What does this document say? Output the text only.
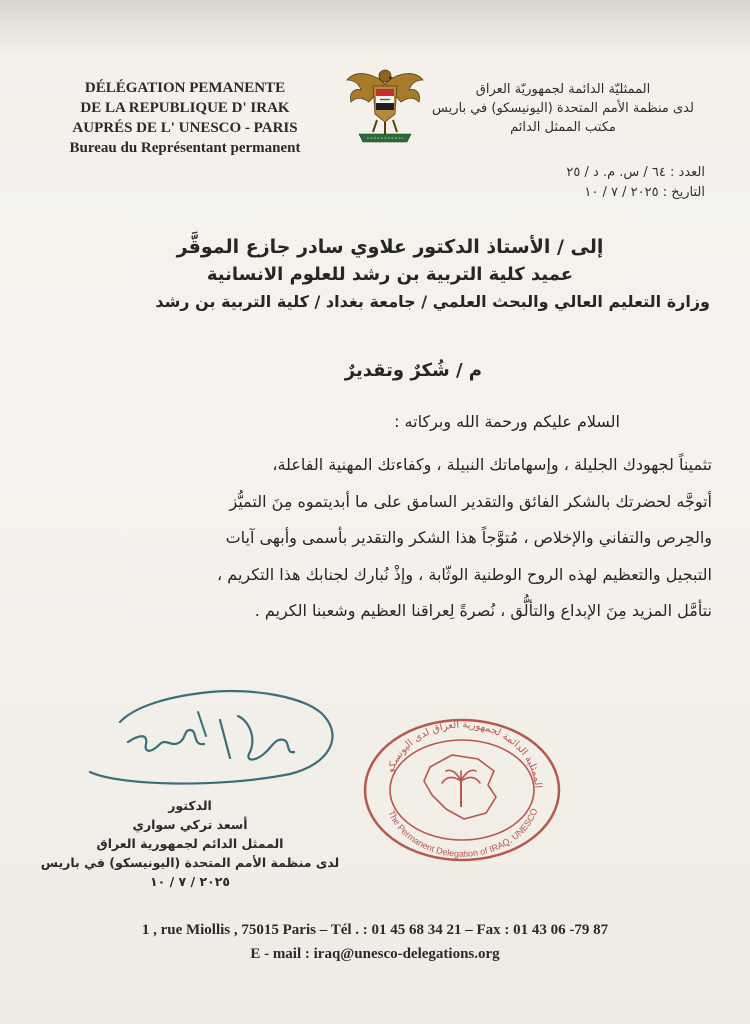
DÉLÉGATION PEMANENTE
DE LA REPUBLIQUE D' IRAK
AUPRÉS DE L' UNESCO - PARIS
Bureau du Représentant permanent
الممثليّة الدائمة لجمهوريّة العراق
لدى منظمة الأمم المتحدة (اليونيسكو) في باريس
مكتب الممثل الدائم
العدد : ٦٤ / س. م. د / ٢٥
التاريخ : ٢٠٢٥ / ٧ / ١٠
إلى / الأستاذ الدكتور علاوي سادر جازع الموقَّر
عميد كلية التربية بن رشد للعلوم الانسانية
وزارة التعليم العالي والبحث العلمي / جامعة بغداد / كلية التربية بن رشد
م / شُكرٌ وتقديرٌ
السلام عليكم ورحمة الله وبركاته :
تثميناً لجهودك الجليلة ، وإسهاماتك النبيلة ، وكفاءتك المهنية الفاعلة،
أتوجَّه لحضرتك بالشكر الفائق والتقدير السامق على ما أبديتموه مِنَ التميُّز
والحِرص والتفاني والإخلاص ، مُتوَّجاً هذا الشكر والتقدير بأسمى وأبهى آيات
التبجيل والتعظيم لهذه الروح الوطنية الوثّابة ، وإذْ نُبارك لجنابك هذا التكريم ،
نتأمَّل المزيد مِنَ الإبداع والتألُّق ، نُصرةً لِعراقنا العظيم وشعبنا الكريم .
الممثلية الدائمة لجمهورية العراق لدى اليونسكو
The Permanent Delegation of IRAQ, UNESCO
الدكتور
أسعد تركي سواري
الممثل الدائم لجمهورية العراق
لدى منظمة الأمم المتحدة (اليونيسكو) في باريس
٢٠٢٥ / ٧ / ١٠
1 , rue Miollis , 75015 Paris – Tél . : 01 45 68 34 21 – Fax : 01 43 06 -79 87
E - mail : iraq@unesco-delegations.org
